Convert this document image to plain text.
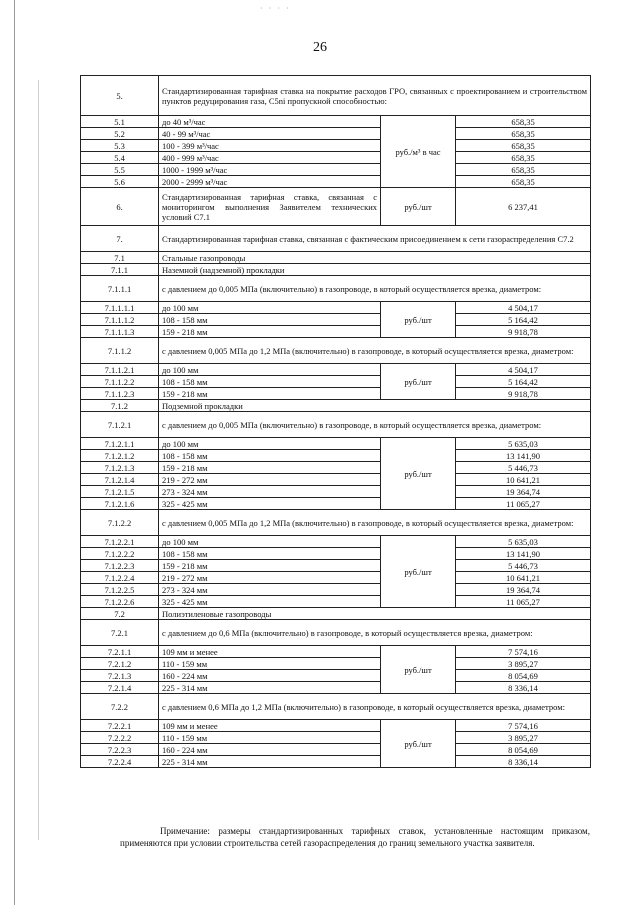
· · · ·
26
5.	Стандартизированная тарифная ставка на покрытие расходов ГРО, связанных с проектированием и строительством пунктов редуцирования газа, C5ni пропускной способностью:		
5.1	до 40 м³/час	руб./м³ в час	658,35
5.2	40 - 99 м³/час		658,35
5.3	100 - 399 м³/час		658,35
5.4	400 - 999 м³/час		658,35
5.5	1000 - 1999 м³/час		658,35
5.6	2000 - 2999 м³/час		658,35
6.	Стандартизированная тарифная ставка, связанная с мониторингом выполнения Заявителем технических условий C7.1	руб./шт	6 237,41
7.	Стандартизированная тарифная ставка, связанная с фактическим присоединением к сети газораспределения C7.2		
7.1	Стальные газопроводы		
7.1.1	Наземной (надземной) прокладки		
7.1.1.1	с давлением до 0,005 МПа (включительно) в газопроводе, в который осуществляется врезка, диаметром:		
7.1.1.1.1	до 100 мм	руб./шт	4 504,17
7.1.1.1.2	108 - 158 мм		5 164,42
7.1.1.1.3	159 - 218 мм		9 918,78
7.1.1.2	с давлением 0,005 МПа до 1,2 МПа (включительно) в газопроводе, в который осуществляется врезка, диаметром:		
7.1.1.2.1	до 100 мм	руб./шт	4 504,17
7.1.1.2.2	108 - 158 мм		5 164,42
7.1.1.2.3	159 - 218 мм		9 918,78
7.1.2	Подземной прокладки		
7.1.2.1	с давлением до 0,005 МПа (включительно) в газопроводе, в который осуществляется врезка, диаметром:		
7.1.2.1.1	до 100 мм	руб./шт	5 635,03
7.1.2.1.2	108 - 158 мм		13 141,90
7.1.2.1.3	159 - 218 мм		5 446,73
7.1.2.1.4	219 - 272 мм		10 641,21
7.1.2.1.5	273 - 324 мм		19 364,74
7.1.2.1.6	325 - 425 мм		11 065,27
7.1.2.2	с давлением 0,005 МПа до 1,2 МПа (включительно) в газопроводе, в который осуществляется врезка, диаметром:		
7.1.2.2.1	до 100 мм	руб./шт	5 635,03
7.1.2.2.2	108 - 158 мм		13 141,90
7.1.2.2.3	159 - 218 мм		5 446,73
7.1.2.2.4	219 - 272 мм		10 641,21
7.1.2.2.5	273 - 324 мм		19 364,74
7.1.2.2.6	325 - 425 мм		11 065,27
7.2	Полиэтиленовые газопроводы		
7.2.1	с давлением до 0,6 МПа (включительно) в газопроводе, в который осуществляется врезка, диаметром:		
7.2.1.1	109 мм и менее	руб./шт	7 574,16
7.2.1.2	110 - 159 мм		3 895,27
7.2.1.3	160 - 224 мм		8 054,69
7.2.1.4	225 - 314 мм		8 336,14
7.2.2	с давлением 0,6 МПа до 1,2 МПа (включительно) в газопроводе, в который осуществляется врезка, диаметром:		
7.2.2.1	109 мм и менее	руб./шт	7 574,16
7.2.2.2	110 - 159 мм		3 895,27
7.2.2.3	160 - 224 мм		8 054,69
7.2.2.4	225 - 314 мм		8 336,14
Примечание: размеры стандартизированных тарифных ставок, установленные настоящим приказом, применяются при условии строительства сетей газораспределения до границ земельного участка заявителя.
